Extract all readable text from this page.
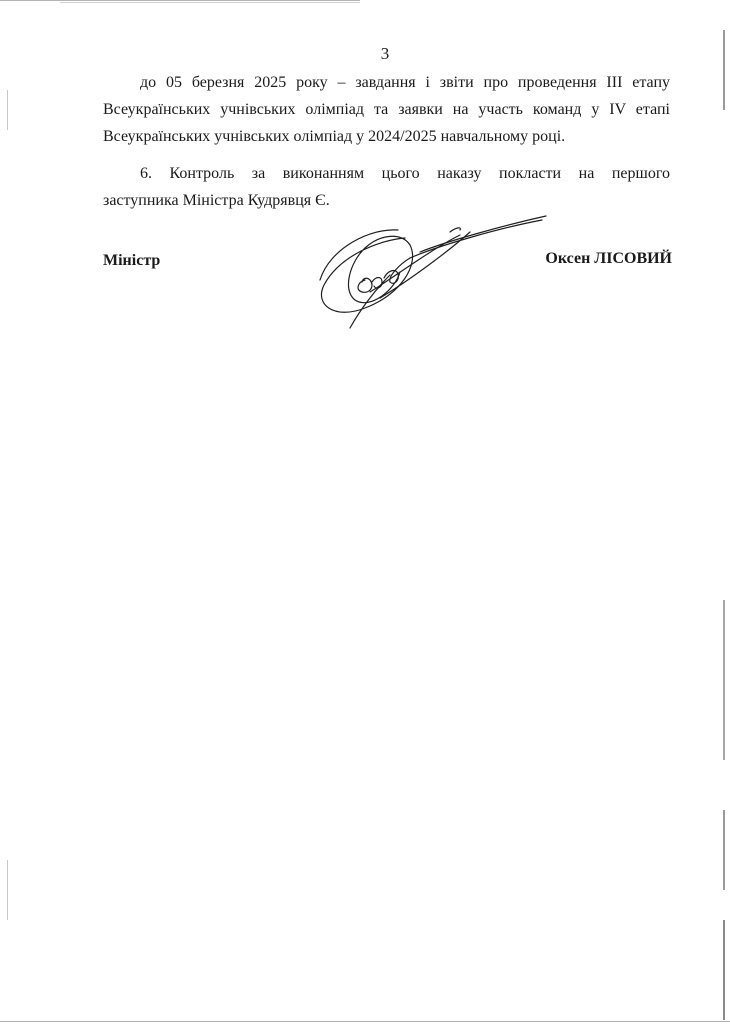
3
до 05 березня 2025 року – завдання і звіти про проведення ІІІ етапу
Всеукраїнських учнівських олімпіад та заявки на участь команд у IV етапі
Всеукраїнських учнівських олімпіад у 2024/2025 навчальному році.
6. Контроль за виконанням цього наказу покласти на першого
заступника Міністра Кудрявця Є.
Міністр	Оксен ЛІСОВИЙ
